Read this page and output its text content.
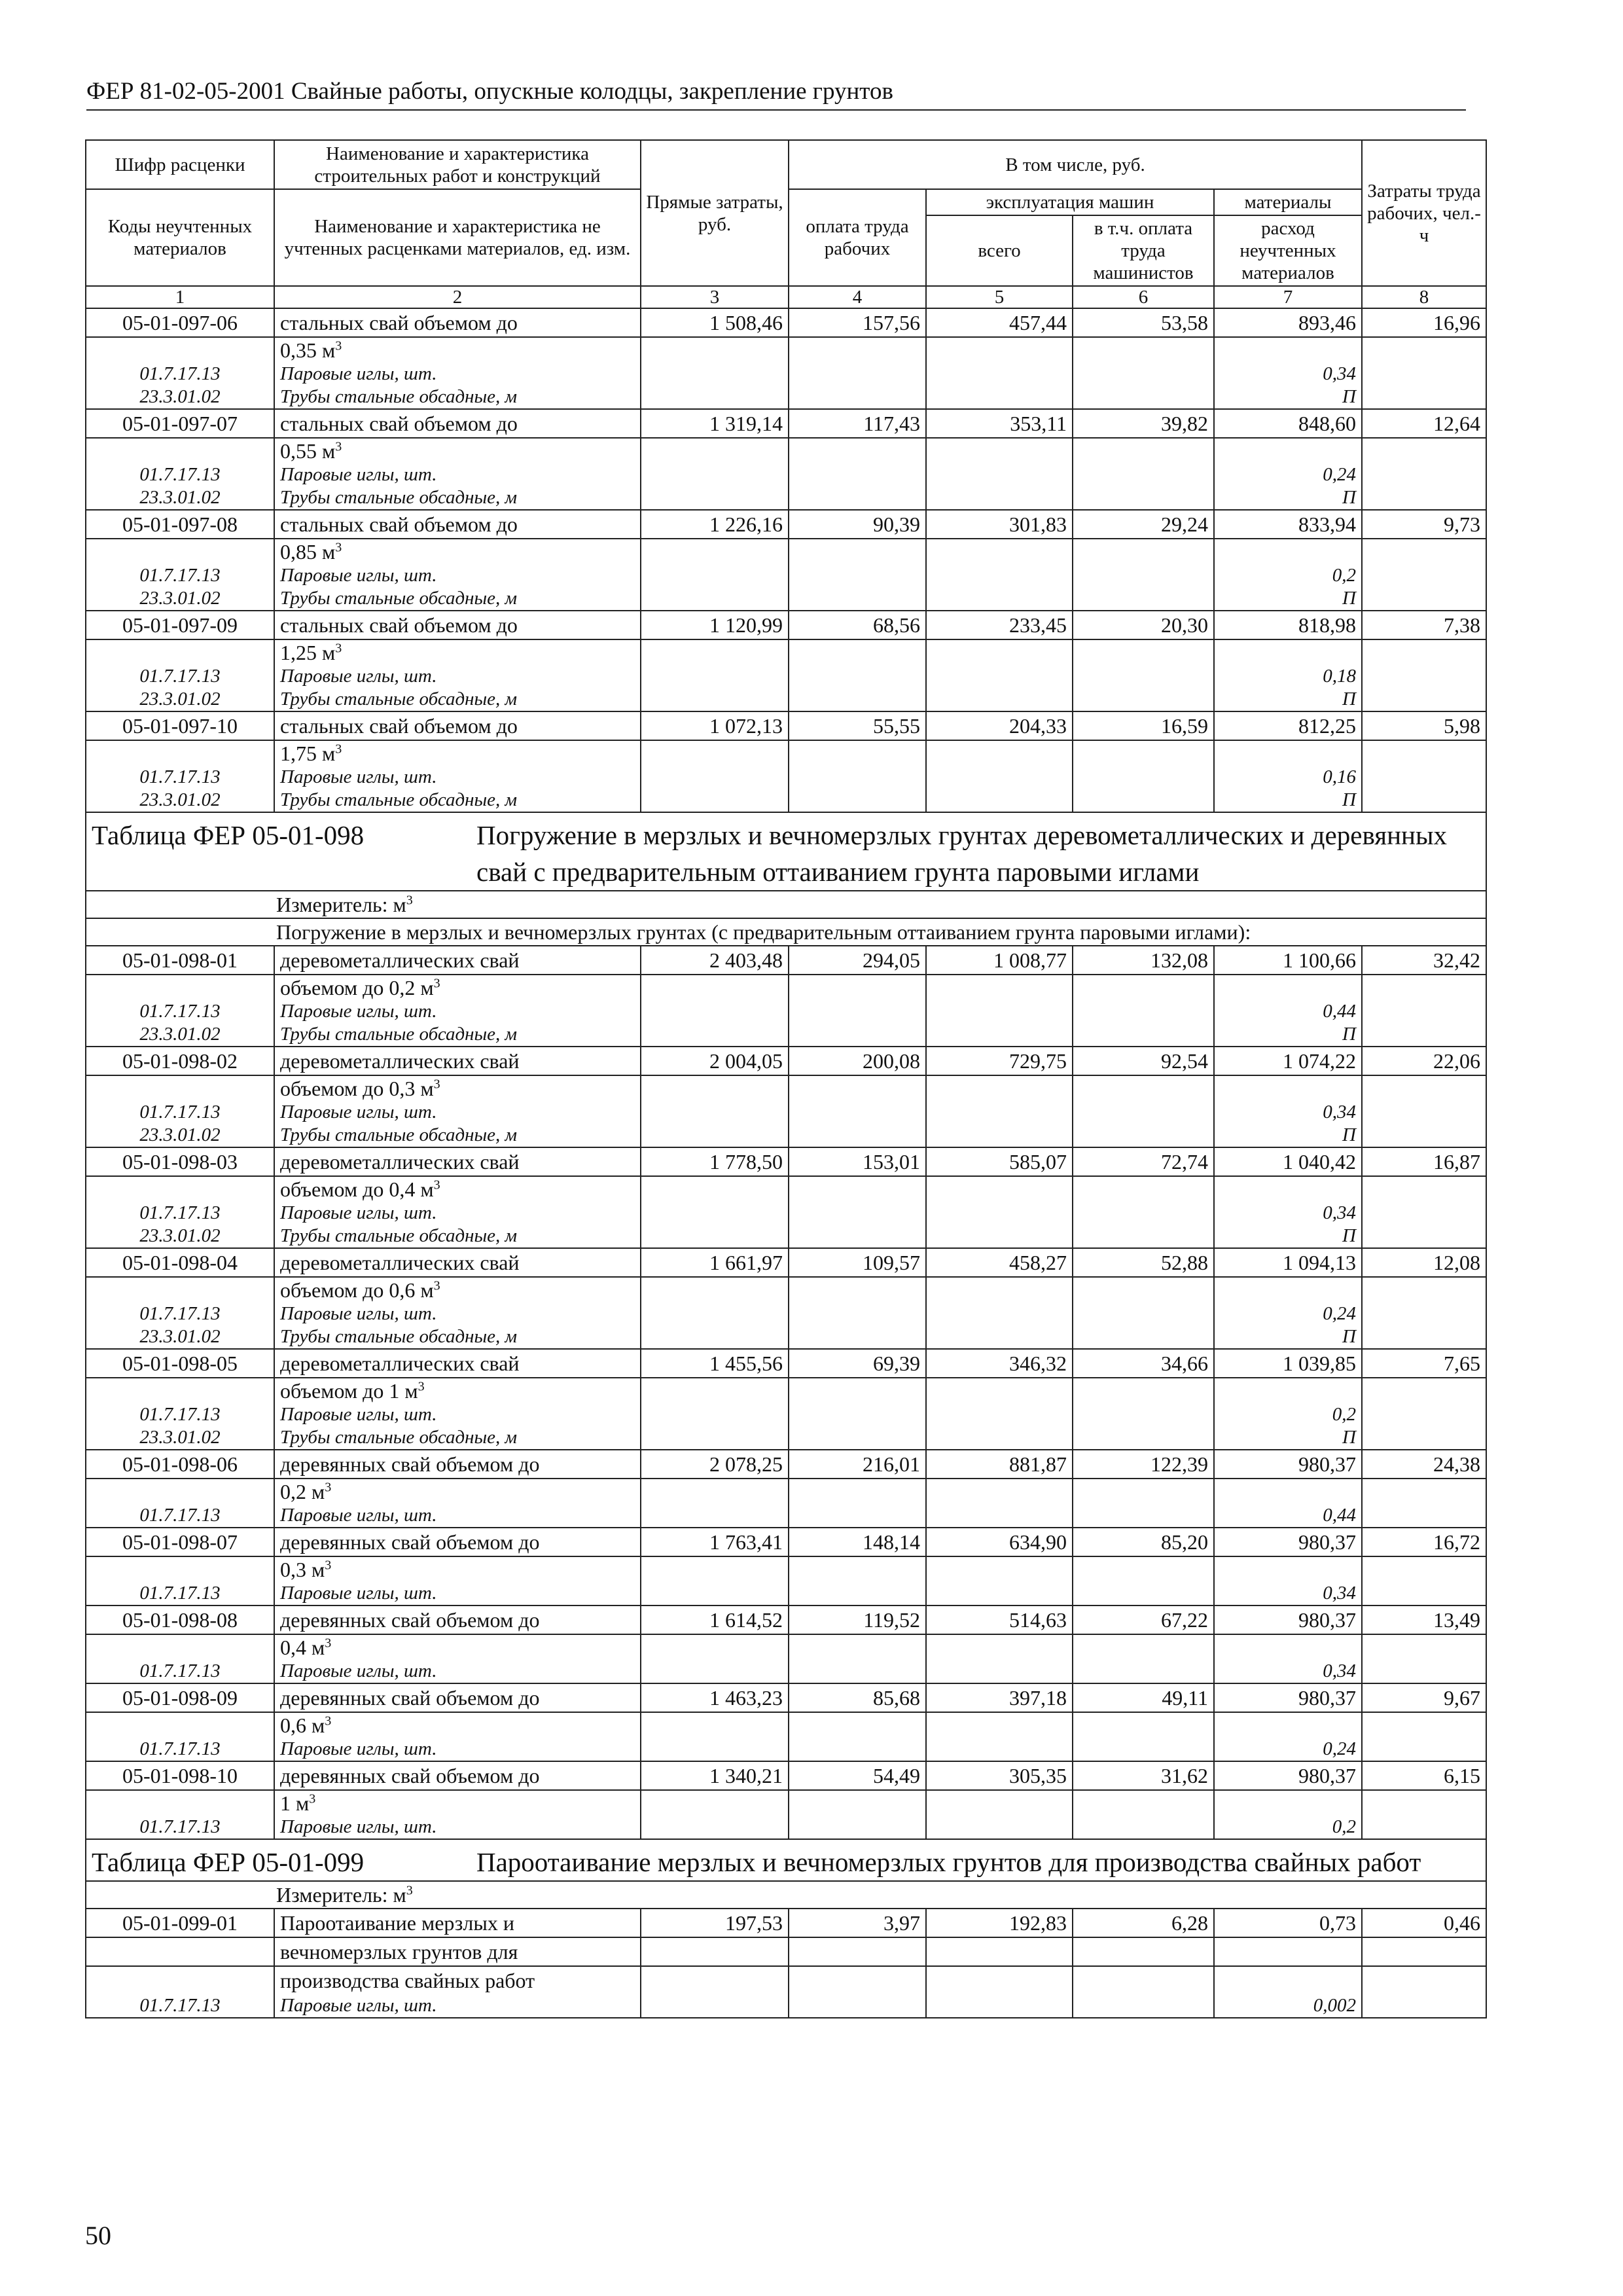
ФЕР 81-02-05-2001 Свайные работы, опускные колодцы, закрепление грунтов
Шифр расценки	Наименование и характеристика строительных работ и конструкций	Прямые затраты, руб.	В том числе, руб.				Затраты труда рабочих, чел.-ч
Коды неучтенных материалов	Наименование и характеристика не учтенных расценками материалов, ед. изм.		оплата труда рабочих	эксплуатация машин		материалы	
				всего	в т.ч. оплата труда машинистов	расход неучтенных материалов	

1	2	3	4	5	6	7	8
05-01-097-06	стальных свай объемом до	1 508,46	157,56	457,44	53,58	893,46	16,96
	0,35 $м^3$						
01.7.17.13	Паровые иглы, шт.					0,34	
23.3.01.02	Трубы стальные обсадные, м					П	
05-01-097-07	стальных свай объемом до	1 319,14	117,43	353,11	39,82	848,60	12,64
	0,55 $м^3$						
01.7.17.13	Паровые иглы, шт.					0,24	
23.3.01.02	Трубы стальные обсадные, м					П	
05-01-097-08	стальных свай объемом до	1 226,16	90,39	301,83	29,24	833,94	9,73
	0,85 $м^3$						
01.7.17.13	Паровые иглы, шт.					0,2	
23.3.01.02	Трубы стальные обсадные, м					П	
05-01-097-09	стальных свай объемом до	1 120,99	68,56	233,45	20,30	818,98	7,38
	1,25 $м^3$						
01.7.17.13	Паровые иглы, шт.					0,18	
23.3.01.02	Трубы стальные обсадные, м					П	
05-01-097-10	стальных свай объемом до	1 072,13	55,55	204,33	16,59	812,25	5,98
	1,75 $м^3$						
01.7.17.13	Паровые иглы, шт.					0,16	
23.3.01.02	Трубы стальные обсадные, м					П	

Таблица ФЕР 05-01-098 Погружение в мерзлых и вечномерзлых грунтах деревометаллических и деревянных свай с предварительным оттаиванием грунта паровыми иглами							

Измеритель: $м^3$
Погружение в мерзлых и вечномерзлых грунтах (с предварительным оттаиванием грунта паровыми иглами):							
05-01-098-01	деревометаллических свай	2 403,48	294,05	1 008,77	132,08	1 100,66	32,42
	объемом до 0,2 $м^3$						
01.7.17.13	Паровые иглы, шт.					0,44	
23.3.01.02	Трубы стальные обсадные, м					П	
05-01-098-02	деревометаллических свай	2 004,05	200,08	729,75	92,54	1 074,22	22,06
	объемом до 0,3 $м^3$						
01.7.17.13	Паровые иглы, шт.					0,34	
23.3.01.02	Трубы стальные обсадные, м					П	
05-01-098-03	деревометаллических свай	1 778,50	153,01	585,07	72,74	1 040,42	16,87
	объемом до 0,4 $м^3$						
01.7.17.13	Паровые иглы, шт.					0,34	
23.3.01.02	Трубы стальные обсадные, м					П	
05-01-098-04	деревометаллических свай	1 661,97	109,57	458,27	52,88	1 094,13	12,08
	объемом до 0,6 $м^3$						
01.7.17.13	Паровые иглы, шт.					0,24	
23.3.01.02	Трубы стальные обсадные, м					П	
05-01-098-05	деревометаллических свай	1 455,56	69,39	346,32	34,66	1 039,85	7,65
	объемом до 1 $м^3$						
01.7.17.13	Паровые иглы, шт.					0,2	
23.3.01.02	Трубы стальные обсадные, м					П	
05-01-098-06	деревянных свай объемом до	2 078,25	216,01	881,87	122,39	980,37	24,38
	0,2 $м^3$						
01.7.17.13	Паровые иглы, шт.					0,44	
05-01-098-07	деревянных свай объемом до	1 763,41	148,14	634,90	85,20	980,37	16,72
	0,3 $м^3$						
01.7.17.13	Паровые иглы, шт.					0,34	
05-01-098-08	деревянных свай объемом до	1 614,52	119,52	514,63	67,22	980,37	13,49
	0,4 $м^3$						
01.7.17.13	Паровые иглы, шт.					0,34	
05-01-098-09	деревянных свай объемом до	1 463,23	85,68	397,18	49,11	980,37	9,67
	0,6 $м^3$						
01.7.17.13	Паровые иглы, шт.					0,24	
05-01-098-10	деревянных свай объемом до	1 340,21	54,49	305,35	31,62	980,37	6,15
	1 $м^3$						
01.7.17.13	Паровые иглы, шт.					0,2	

Таблица ФЕР 05-01-099 Пароотаивание мерзлых и вечномерзлых грунтов для производства свайных работ							

Измеритель: $м^3$
05-01-099-01	Пароотаивание мерзлых и	197,53	3,97	192,83	6,28	0,73	0,46
	вечномерзлых грунтов для						
	производства свайных работ						
01.7.17.13	Паровые иглы, шт.					0,002	
50
